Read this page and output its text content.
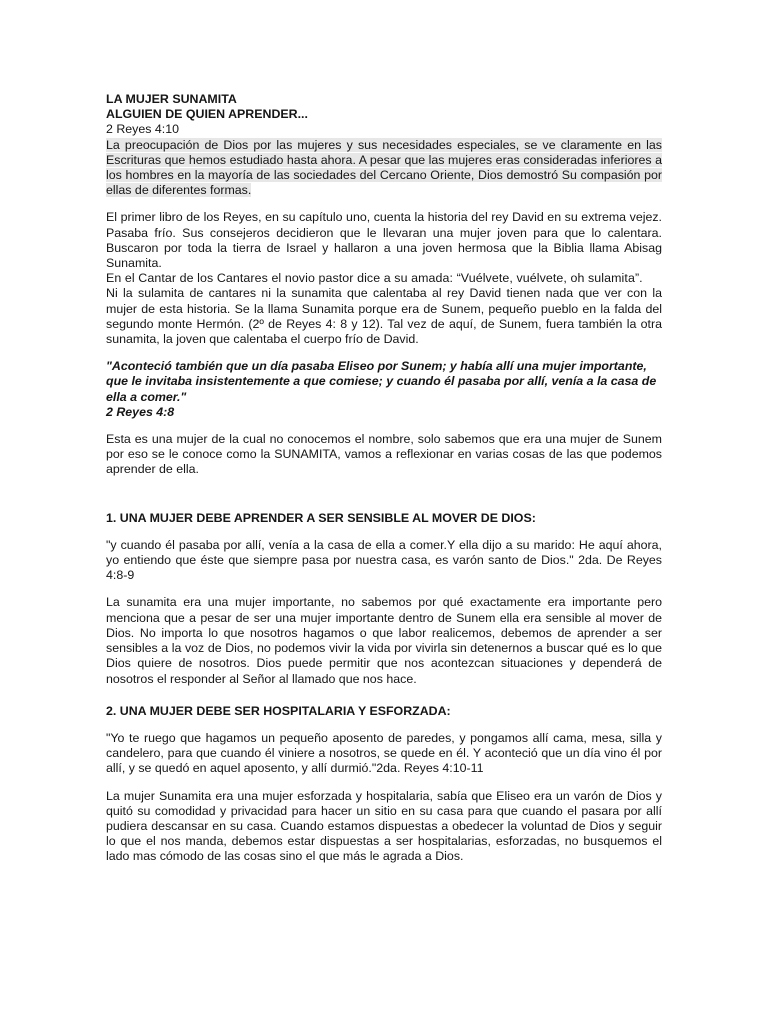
LA MUJER SUNAMITA

ALGUIEN DE QUIEN APRENDER...

2 Reyes 4:10

La preocupación de Dios por las mujeres y sus necesidades especiales, se ve claramente en las Escrituras que hemos estudiado hasta ahora. A pesar que las mujeres eras consideradas inferiores a los hombres en la mayoría de las sociedades del Cercano Oriente, Dios demostró Su compasión por ellas de diferentes formas.

El primer libro de los Reyes, en su capítulo uno, cuenta la historia del rey David en su extrema vejez. Pasaba frío. Sus consejeros decidieron que le llevaran una mujer joven para que lo calentara. Buscaron por toda la tierra de Israel y hallaron a una joven hermosa que la Biblia llama Abisag Sunamita.

En el Cantar de los Cantares el novio pastor dice a su amada: “Vuélvete, vuélvete, oh sulamita”.

Ni la sulamita de cantares ni la sunamita que calentaba al rey David tienen nada que ver con la mujer de esta historia. Se la llama Sunamita porque era de Sunem, pequeño pueblo en la falda del segundo monte Hermón. (2º de Reyes 4: 8 y 12). Tal vez de aquí, de Sunem, fuera también la otra sunamita, la joven que calentaba el cuerpo frío de David.

"Aconteció también que un día pasaba Eliseo por Sunem; y había allí una mujer importante, que le invitaba insistentemente a que comiese; y cuando él pasaba por allí, venía a la casa de ella a comer."

2 Reyes 4:8

Esta es una mujer de la cual no conocemos el nombre, solo sabemos que era una mujer de Sunem por eso se le conoce como la SUNAMITA, vamos a reflexionar en varias cosas de las que podemos aprender de ella.

1. UNA MUJER DEBE APRENDER A SER SENSIBLE AL MOVER DE DIOS:

"y cuando él pasaba por allí, venía a la casa de ella a comer.Y ella dijo a su marido: He aquí ahora, yo entiendo que éste que siempre pasa por nuestra casa, es varón santo de Dios." 2da. De Reyes 4:8-9

La sunamita era una mujer importante, no sabemos por qué exactamente era importante pero menciona que a pesar de ser una mujer importante dentro de Sunem ella era sensible al mover de Dios. No importa lo que nosotros hagamos o que labor realicemos, debemos de aprender a ser sensibles a la voz de Dios, no podemos vivir la vida por vivirla sin detenernos a buscar qué es lo que Dios quiere de nosotros. Dios puede permitir que nos acontezcan situaciones y dependerá de nosotros el responder al Señor al llamado que nos hace.

2. UNA MUJER DEBE SER HOSPITALARIA Y ESFORZADA:

"Yo te ruego que hagamos un pequeño aposento de paredes, y pongamos allí cama, mesa, silla y candelero, para que cuando él viniere a nosotros, se quede en él. Y aconteció que un día vino él por allí, y se quedó en aquel aposento, y allí durmió."2da. Reyes 4:10-11

La mujer Sunamita era una mujer esforzada y hospitalaria, sabía que Eliseo era un varón de Dios y quitó su comodidad y privacidad para hacer un sitio en su casa para que cuando el pasara por allí pudiera descansar en su casa. Cuando estamos dispuestas a obedecer la voluntad de Dios y seguir lo que el nos manda, debemos estar dispuestas a ser hospitalarias, esforzadas, no busquemos el lado mas cómodo de las cosas sino el que más le agrada a Dios.
